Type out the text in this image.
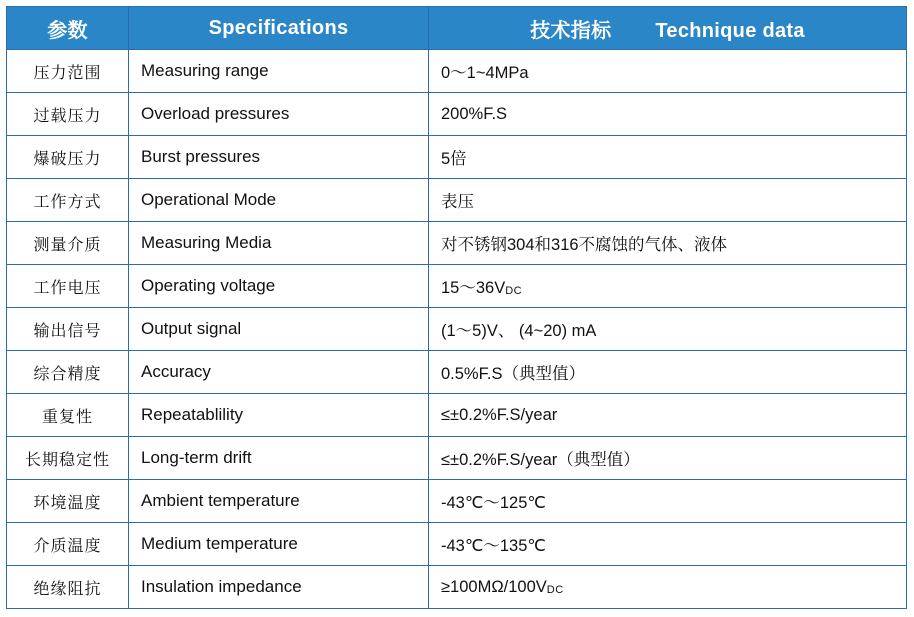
参数	Specifications	技术指标 Technique data
压力范围	Measuring range	0～1~4MPa
过载压力	Overload pressures	200%F.S
爆破压力	Burst pressures	5倍
工作方式	Operational Mode	表压
测量介质	Measuring Media	对不锈钢304和316不腐蚀的气体、液体
工作电压	Operating voltage	15～36VDC
输出信号	Output signal	(1～5)V、 (4~20) mA
综合精度	Accuracy	0.5%F.S（典型值）
重复性	Repeatablility	≤±0.2%F.S/year
长期稳定性	Long-term drift	≤±0.2%F.S/year（典型值）
环境温度	Ambient temperature	-43℃～125℃
介质温度	Medium temperature	-43℃～135℃
绝缘阻抗	Insulation impedance	≥100MΩ/100VDC
